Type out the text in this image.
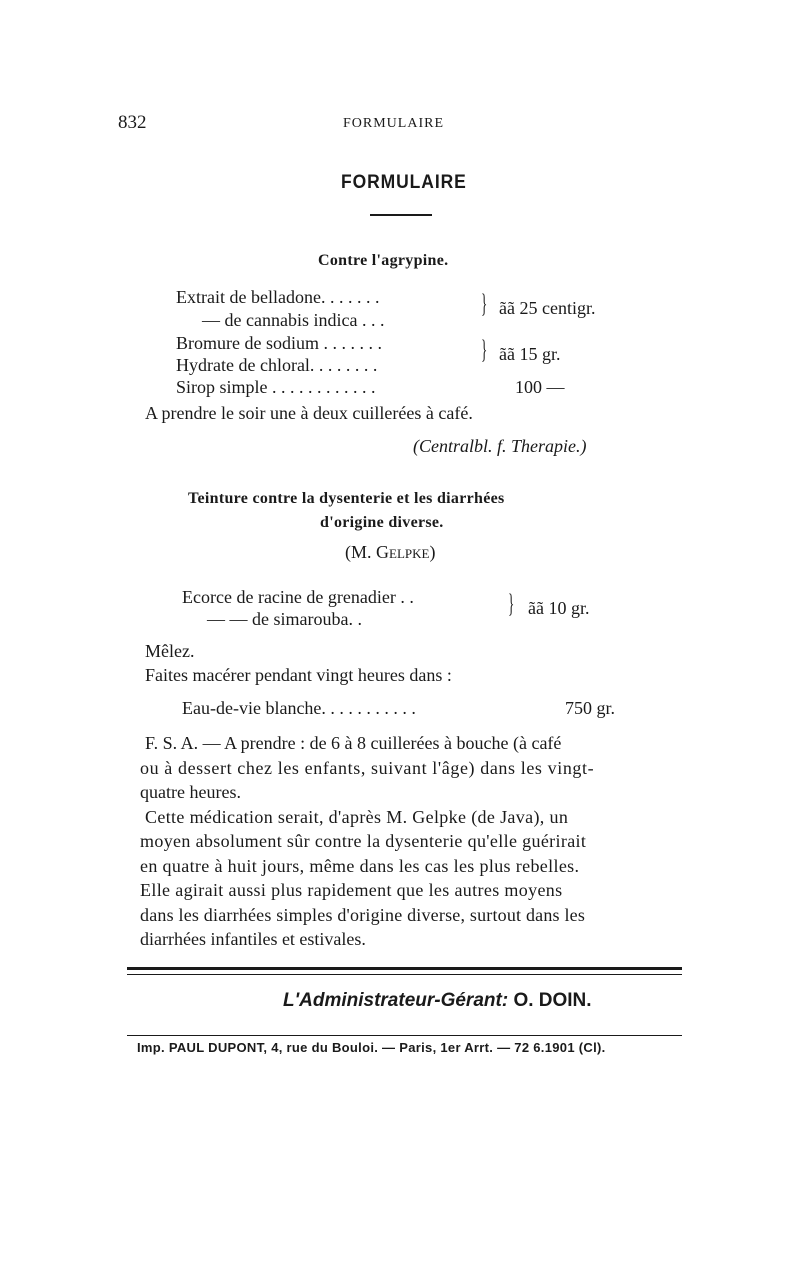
832	FORMULAIRE
FORMULAIRE
Contre l'agrypine.
Extrait de belladone. . . . . . .
— de cannabis indica . . .
} ãã 25 centigr.
Bromure de sodium . . . . . . .
Hydrate de chloral. . . . . . . .
} ãã 15 gr.
Sirop simple . . . . . . . . . . . .	100 —
A prendre le soir une à deux cuillerées à café.
(Centralbl. f. Therapie.)
Teinture contre la dysenterie et les diarrhées
d'origine diverse.
(M. Gelpke)
Ecorce de racine de grenadier . .
— — de simarouba. .
} ãã 10 gr.
Mêlez.
Faites macérer pendant vingt heures dans :
Eau-de-vie blanche. . . . . . . . . . .	750 gr.
F. S. A. — A prendre : de 6 à 8 cuillerées à bouche (à café
ou à dessert chez les enfants, suivant l'âge) dans les vingt-
quatre heures.
Cette médication serait, d'après M. Gelpke (de Java), un
moyen absolument sûr contre la dysenterie qu'elle guérirait
en quatre à huit jours, même dans les cas les plus rebelles.
Elle agirait aussi plus rapidement que les autres moyens
dans les diarrhées simples d'origine diverse, surtout dans les
diarrhées infantiles et estivales.
L'Administrateur-Gérant: O. DOIN.
Imp. PAUL DUPONT, 4, rue du Bouloi. — Paris, 1er Arrt. — 72 6.1901 (Cl).
